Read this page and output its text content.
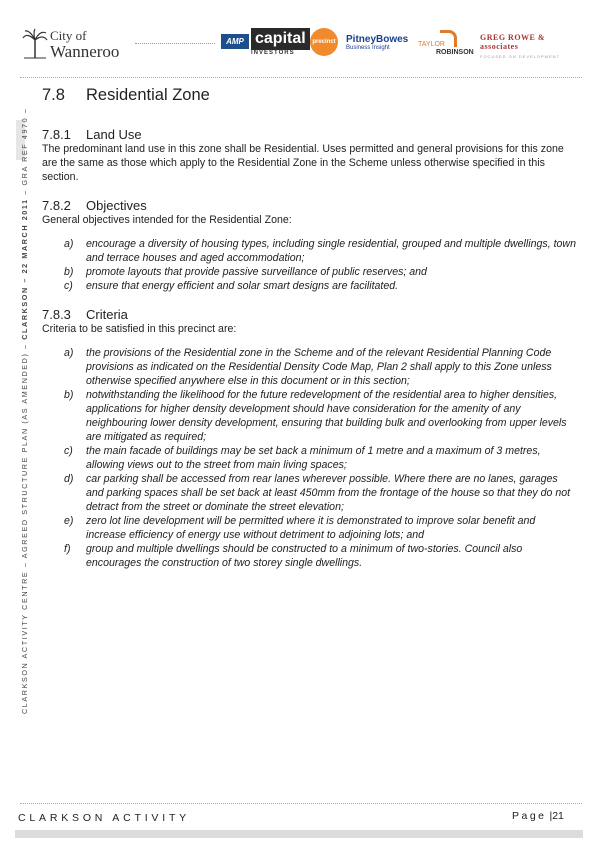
City of
Wanneroo
AMP capital
INVESTORS
precinct PitneyBowes
Business Insight	TAYLOR
ROBINSON
GREG ROWE & associates
FOCUSED ON DEVELOPMENT
CLARKSON ACTIVITY CENTRE – AGREED STRUCTURE PLAN (AS AMENDED) – CLARKSON – 22 MARCH 2011 – GRA REF 4970 –
7.8	Residential Zone
7.8.1	Land Use

The predominant land use in this zone shall be Residential. Uses permitted and general provisions for this zone are the same as those which apply to the Residential Zone in the Scheme unless otherwise specified in this section.

7.8.2	Objectives

General objectives intended for the Residential Zone:

a) encourage a diversity of housing types, including single residential, grouped and multiple dwellings, town and terrace houses and aged accommodation;
b) promote layouts that provide passive surveillance of public reserves; and
c) ensure that energy efficient and solar smart designs are facilitated.
7.8.3	Criteria

Criteria to be satisfied in this precinct are:

a) the provisions of the Residential zone in the Scheme and of the relevant Residential Planning Code provisions as indicated on the Residential Density Code Map, Plan 2 shall apply to this Zone unless otherwise specified anywhere else in this document or in this section;
b) notwithstanding the likelihood for the future redevelopment of the residential area to higher densities, applications for higher density development should have consideration for the amenity of any neighbouring lower density development, ensuring that building bulk and overlooking from upper levels are mitigated as required;
c) the main facade of buildings may be set back a minimum of 1 metre and a maximum of 3 metres, allowing views out to the street from main living spaces;
d) car parking shall be accessed from rear lanes wherever possible. Where there are no lanes, garages and parking spaces shall be set back at least 450mm from the frontage of the house so that they do not detract from the street or dominate the street elevation;
e) zero lot line development will be permitted where it is demonstrated to improve solar benefit and increase efficiency of energy use without detriment to adjoining lots; and
f) group and multiple dwellings should be constructed to a minimum of two-stories. Council also encourages the construction of two storey single dwellings.
CLARKSON ACTIVITY	Page |21
